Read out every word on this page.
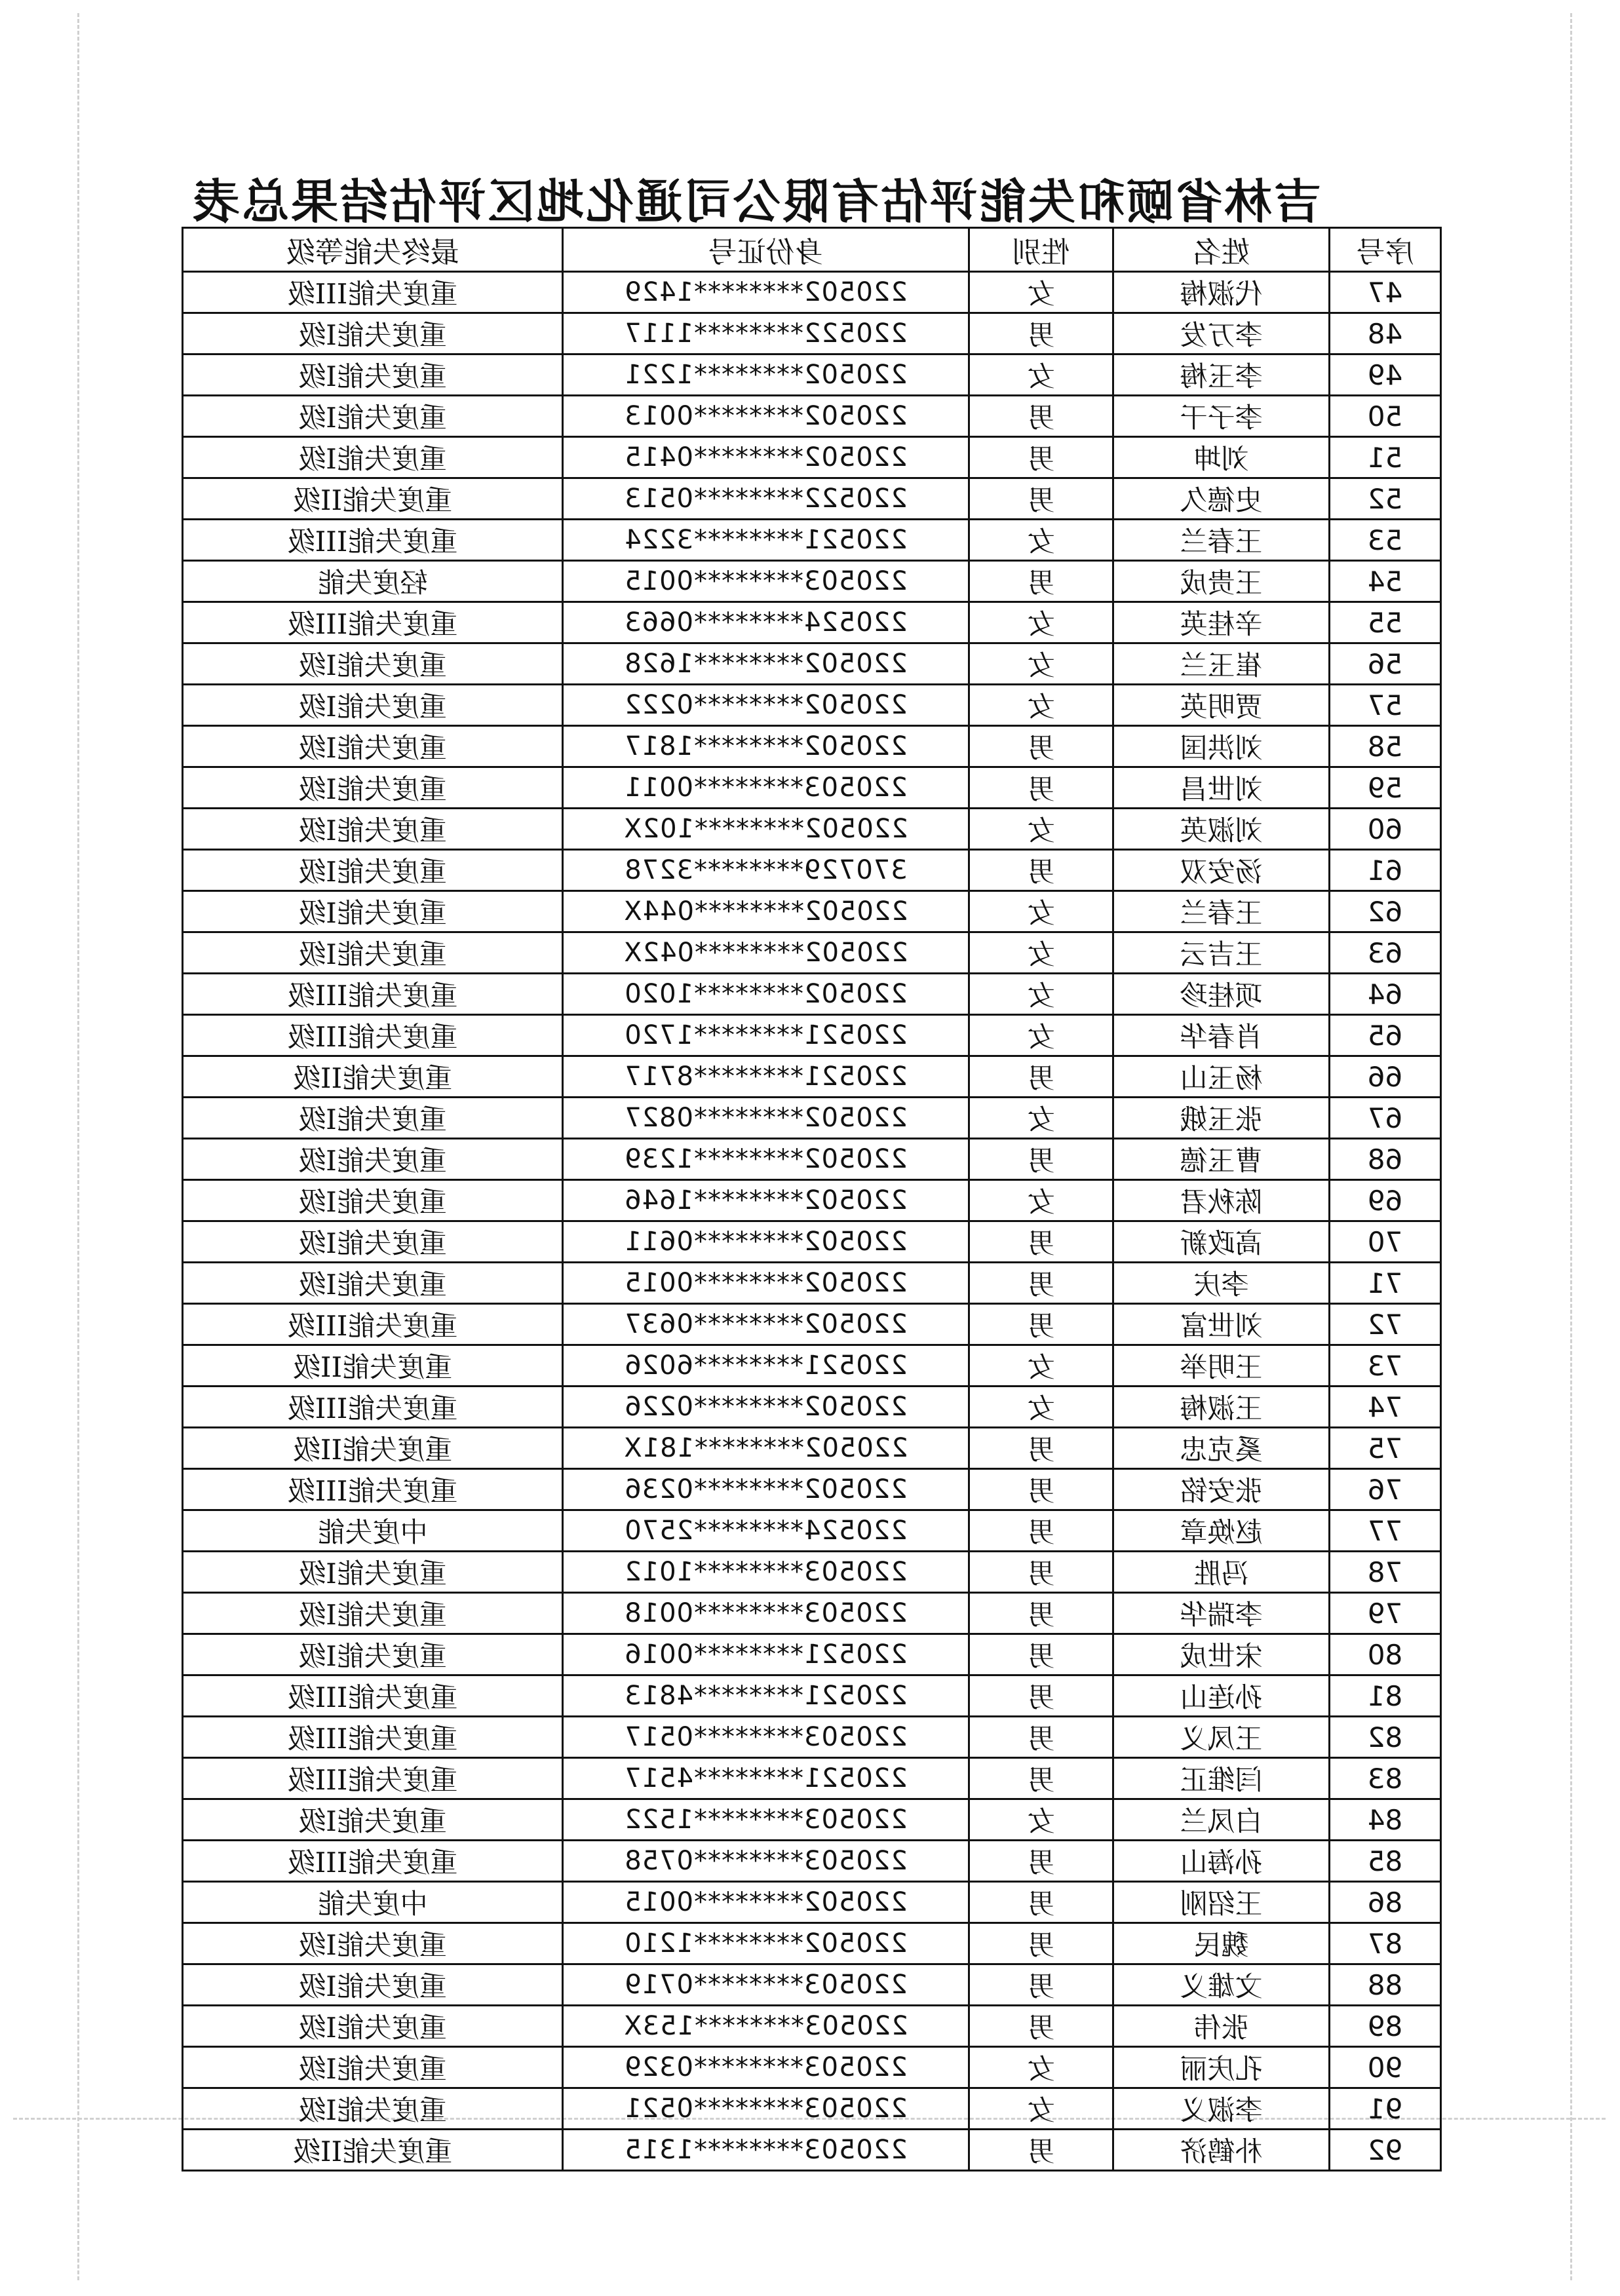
吉林省颐和失能评估有限公司通化地区评估结果总表
序号	姓名	性别	身份证号	最终失能等级
47	代淑梅	女	220502********1429	重度失能III级
48	李万发	男	220522********1117	重度失能Ⅰ级
49	李玉梅	女	220502********1221	重度失能Ⅰ级
50	李子干	男	220502********0013	重度失能Ⅰ级
51	刘坤	男	220502********0415	重度失能Ⅰ级
52	史德久	男	220522********0513	重度失能II级
53	王春兰	女	220521********3224	重度失能III级
54	王贵成	男	220503********0015	轻度失能
55	辛桂英	女	220524********0663	重度失能III级
56	崔玉兰	女	220502********1628	重度失能Ⅰ级
57	贾明英	女	220502********0222	重度失能Ⅰ级
58	刘洪国	男	220502********1817	重度失能Ⅰ级
59	刘世昌	男	220503********0011	重度失能Ⅰ级
60	刘淑英	女	220502********102X	重度失能Ⅰ级
61	汤安双	男	370729********3278	重度失能Ⅰ级
62	王春兰	女	220502********044X	重度失能Ⅰ级
63	王吉云	女	220502********042X	重度失能Ⅰ级
64	项桂珍	女	220502********1020	重度失能III级
65	肖春华	女	220521********1720	重度失能III级
66	杨玉山	男	220521********8717	重度失能II级
67	张玉娥	女	220502********0827	重度失能Ⅰ级
68	曹玉德	男	220502********1239	重度失能Ⅰ级
69	陈秋君	女	220502********1646	重度失能Ⅰ级
70	高政新	男	220502********0611	重度失能Ⅰ级
71	李庆	男	220502********0015	重度失能Ⅰ级
72	刘世富	男	220502********0637	重度失能III级
73	王明举	女	220521********6026	重度失能II级
74	王淑梅	女	220502********0226	重度失能III级
75	奚克忠	男	220502********181X	重度失能II级
76	张安铭	男	220502********0236	重度失能III级
77	赵焕章	男	220524********2570	中度失能
78	冯胜	男	220503********1012	重度失能Ⅰ级
79	李瑞华	男	220503********0018	重度失能Ⅰ级
80	宋世成	男	220521********0016	重度失能Ⅰ级
81	孙连山	男	220521********4813	重度失能III级
82	王凤义	男	220503********0517	重度失能III级
83	闫维正	男	220521********4517	重度失能III级
84	白凤兰	女	220503********1522	重度失能Ⅰ级
85	孙海山	男	220503********0758	重度失能III级
86	王绍刚	男	220502********0015	中度失能
87	魏民	男	220502********1210	重度失能Ⅰ级
88	文雄义	男	220503********0719	重度失能Ⅰ级
89	张伟	男	220503********153X	重度失能Ⅰ级
90	孔庆丽	女	220503********0329	重度失能Ⅰ级
91	李淑义	女	220503********0521	重度失能Ⅰ级
92	朴鹤济	男	220503********1315	重度失能II级
